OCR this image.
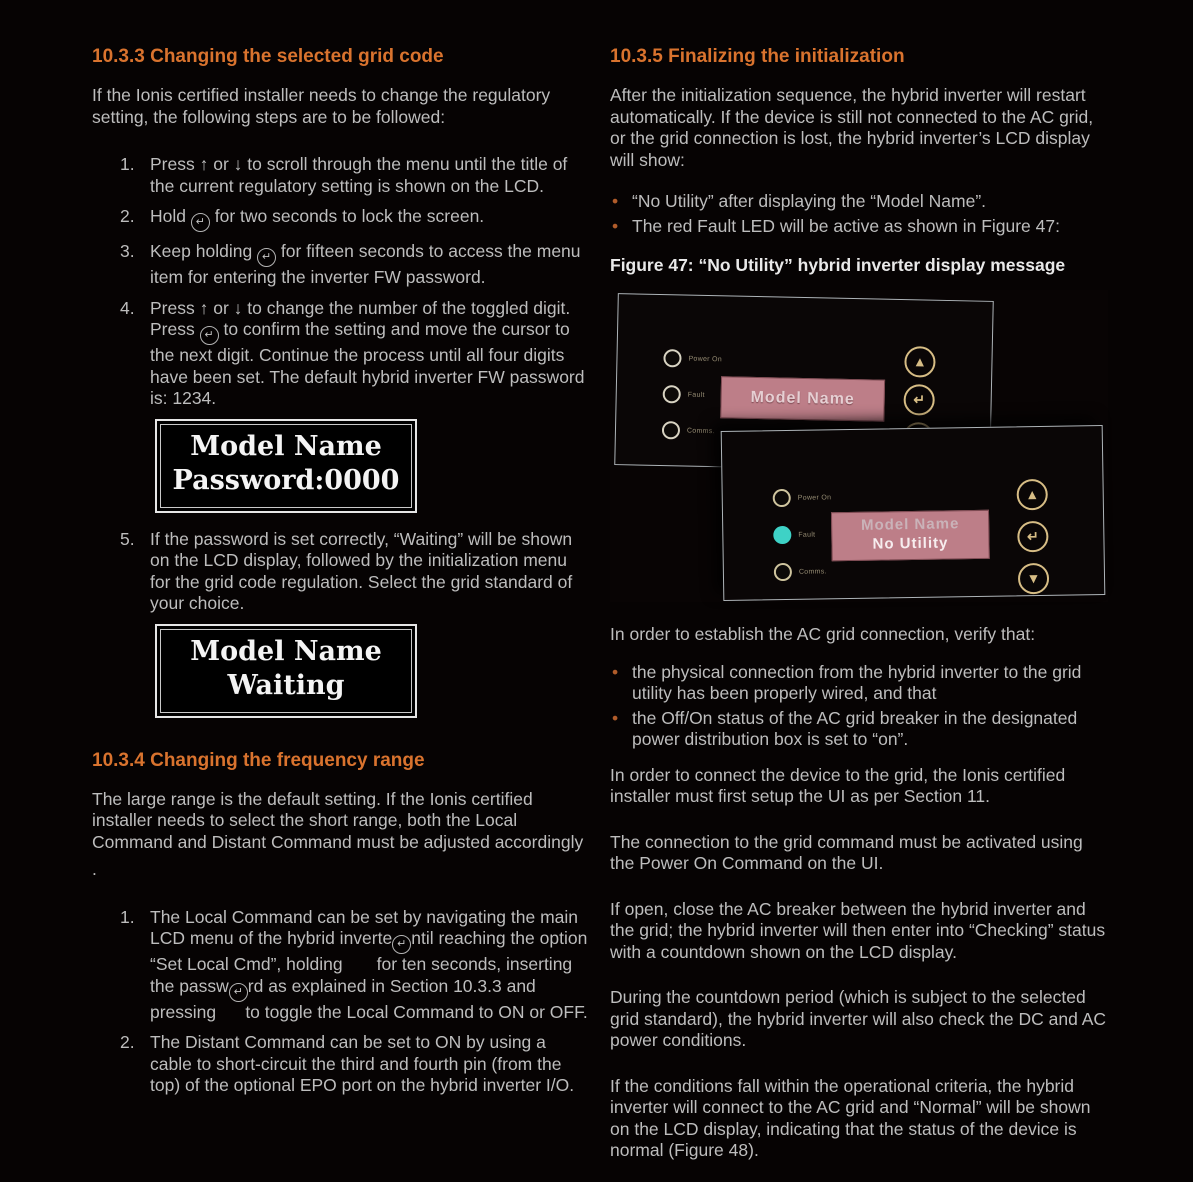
10.3.3 Changing the selected grid code

If the Ionis certified installer needs to change the regulatory setting, the following steps are to be followed:

1. Press ↑ or ↓ to scroll through the menu until the title of the current regulatory setting is shown on the LCD.
2. Hold ↵ for two seconds to lock the screen.
3. Keep holding ↵ for fifteen seconds to access the menu item for entering the inverter FW password.
4. Press ↑ or ↓ to change the number of the toggled digit. Press ↵ to confirm the setting and move the cursor to the next digit. Continue the process until all four digits have been set. The default hybrid inverter FW password is: 1234.
Model Name
Password:0000
5. If the password is set correctly, “Waiting” will be shown on the LCD display, followed by the initialization menu for the grid code regulation. Select the grid standard of your choice.
Model Name
Waiting
10.3.4 Changing the frequency range

The large range is the default setting. If the Ionis certified installer needs to select the short range, both the Local Command and Distant Command must be adjusted accordingly

.

1. The Local Command can be set by navigating the main LCD menu of the hybrid inverte ↵ ntil reaching the option “Set Local Cmd”, holding       for ten seconds, inserting the passw ↵ rd as explained in Section 10.3.3 and pressing      to toggle the Local Command to ON or OFF.
2. The Distant Command can be set to ON by using a cable to short-circuit the third and fourth pin (from the top) of the optional EPO port on the hybrid inverter I/O.
10.3.5 Finalizing the initialization

After the initialization sequence, the hybrid inverter will restart automatically. If the device is still not connected to the AC grid, or the grid connection is lost, the hybrid inverter’s LCD display will show:

• “No Utility” after displaying the “Model Name”.
• The red Fault LED will be active as shown in Figure 47:
Figure 47: “No Utility” hybrid inverter display message
Power On
Fault
Comms.
Model Name
▲
↵
Power On
Fault
Comms.
Model Name
No Utility
▲
↵
▼

In order to establish the AC grid connection, verify that:

• the physical connection from the hybrid inverter to the grid utility has been properly wired, and that
• the Off/On status of the AC grid breaker in the designated power distribution box is set to “on”.

In order to connect the device to the grid, the Ionis certified installer must first setup the UI as per Section 11.

The connection to the grid command must be activated using the Power On Command on the UI.

If open, close the AC breaker between the hybrid inverter and the grid; the hybrid inverter will then enter into “Checking” status with a countdown shown on the LCD display.

During the countdown period (which is subject to the selected grid standard), the hybrid inverter will also check the DC and AC power conditions.

If the conditions fall within the operational criteria, the hybrid inverter will connect to the AC grid and “Normal” will be shown on the LCD display, indicating that the status of the device is normal (Figure 48).
